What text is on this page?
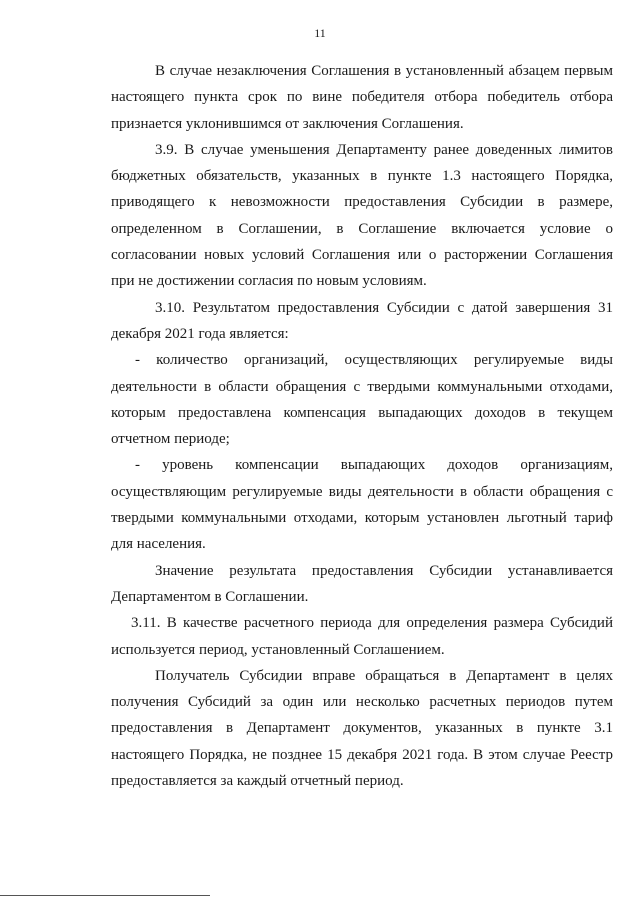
11

В случае незаключения Соглашения в установленный абзацем первым настоящего пункта срок по вине победителя отбора победитель отбора признается уклонившимся от заключения Соглашения.

3.9. В случае уменьшения Департаменту ранее доведенных лимитов бюджетных обязательств, указанных в пункте 1.3 настоящего Порядка, приводящего к невозможности предоставления Субсидии в размере, определенном в Соглашении, в Соглашение включается условие о согласовании новых условий Соглашения или о расторжении Соглашения при не достижении согласия по новым условиям.

3.10. Результатом предоставления Субсидии с датой завершения 31 декабря 2021 года является:

- количество организаций, осуществляющих регулируемые виды деятельности в области обращения с твердыми коммунальными отходами, которым предоставлена компенсация выпадающих доходов в текущем отчетном периоде;

- уровень компенсации выпадающих доходов организациям, осуществляющим регулируемые виды деятельности в области обращения с твердыми коммунальными отходами, которым установлен льготный тариф для населения.

Значение результата предоставления Субсидии устанавливается Департаментом в Соглашении.

3.11. В качестве расчетного периода для определения размера Субсидий используется период, установленный Соглашением.

Получатель Субсидии вправе обращаться в Департамент в целях получения Субсидий за один или несколько расчетных периодов путем предоставления в Департамент документов, указанных в пункте 3.1 настоящего Порядка, не позднее 15 декабря 2021 года. В этом случае Реестр предоставляется за каждый отчетный период.
